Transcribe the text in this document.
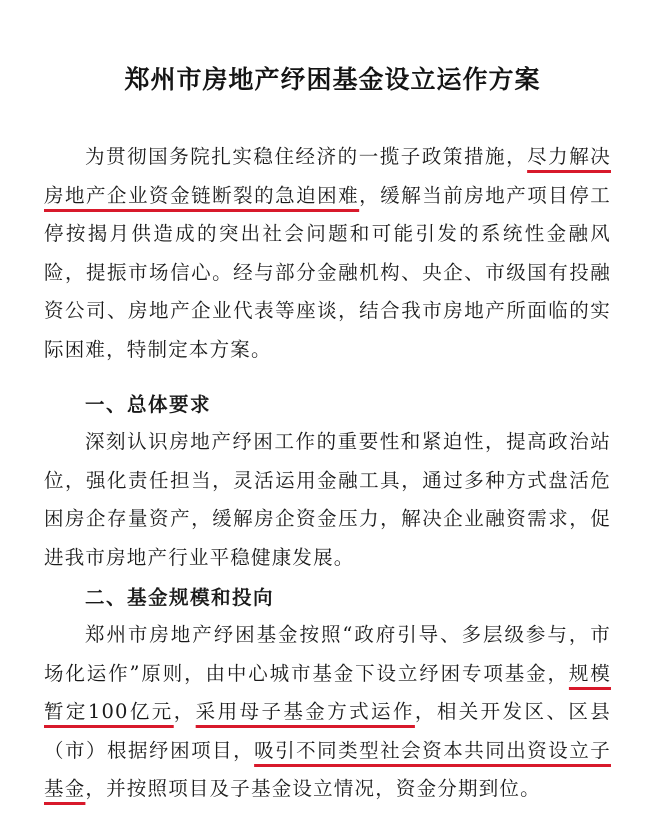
郑州市房地产纾困基金设立运作方案

为贯彻国务院扎实稳住经济的一揽子政策措施，尽力解决房地产企业资金链断裂的急迫困难，缓解当前房地产项目停工停按揭月供造成的突出社会问题和可能引发的系统性金融风险，提振市场信心。经与部分金融机构、央企、市级国有投融资公司、房地产企业代表等座谈，结合我市房地产所面临的实际困难，特制定本方案。

一、总体要求

深刻认识房地产纾困工作的重要性和紧迫性，提高政治站位，强化责任担当，灵活运用金融工具，通过多种方式盘活危困房企存量资产，缓解房企资金压力，解决企业融资需求，促进我市房地产行业平稳健康发展。

二、基金规模和投向

郑州市房地产纾困基金按照“政府引导、多层级参与，市场化运作”原则，由中心城市基金下设立纾困专项基金，规模暂定100亿元，采用母子基金方式运作，相关开发区、区县（市）根据纾困项目，吸引不同类型社会资本共同出资设立子基金，并按照项目及子基金设立情况，资金分期到位。
